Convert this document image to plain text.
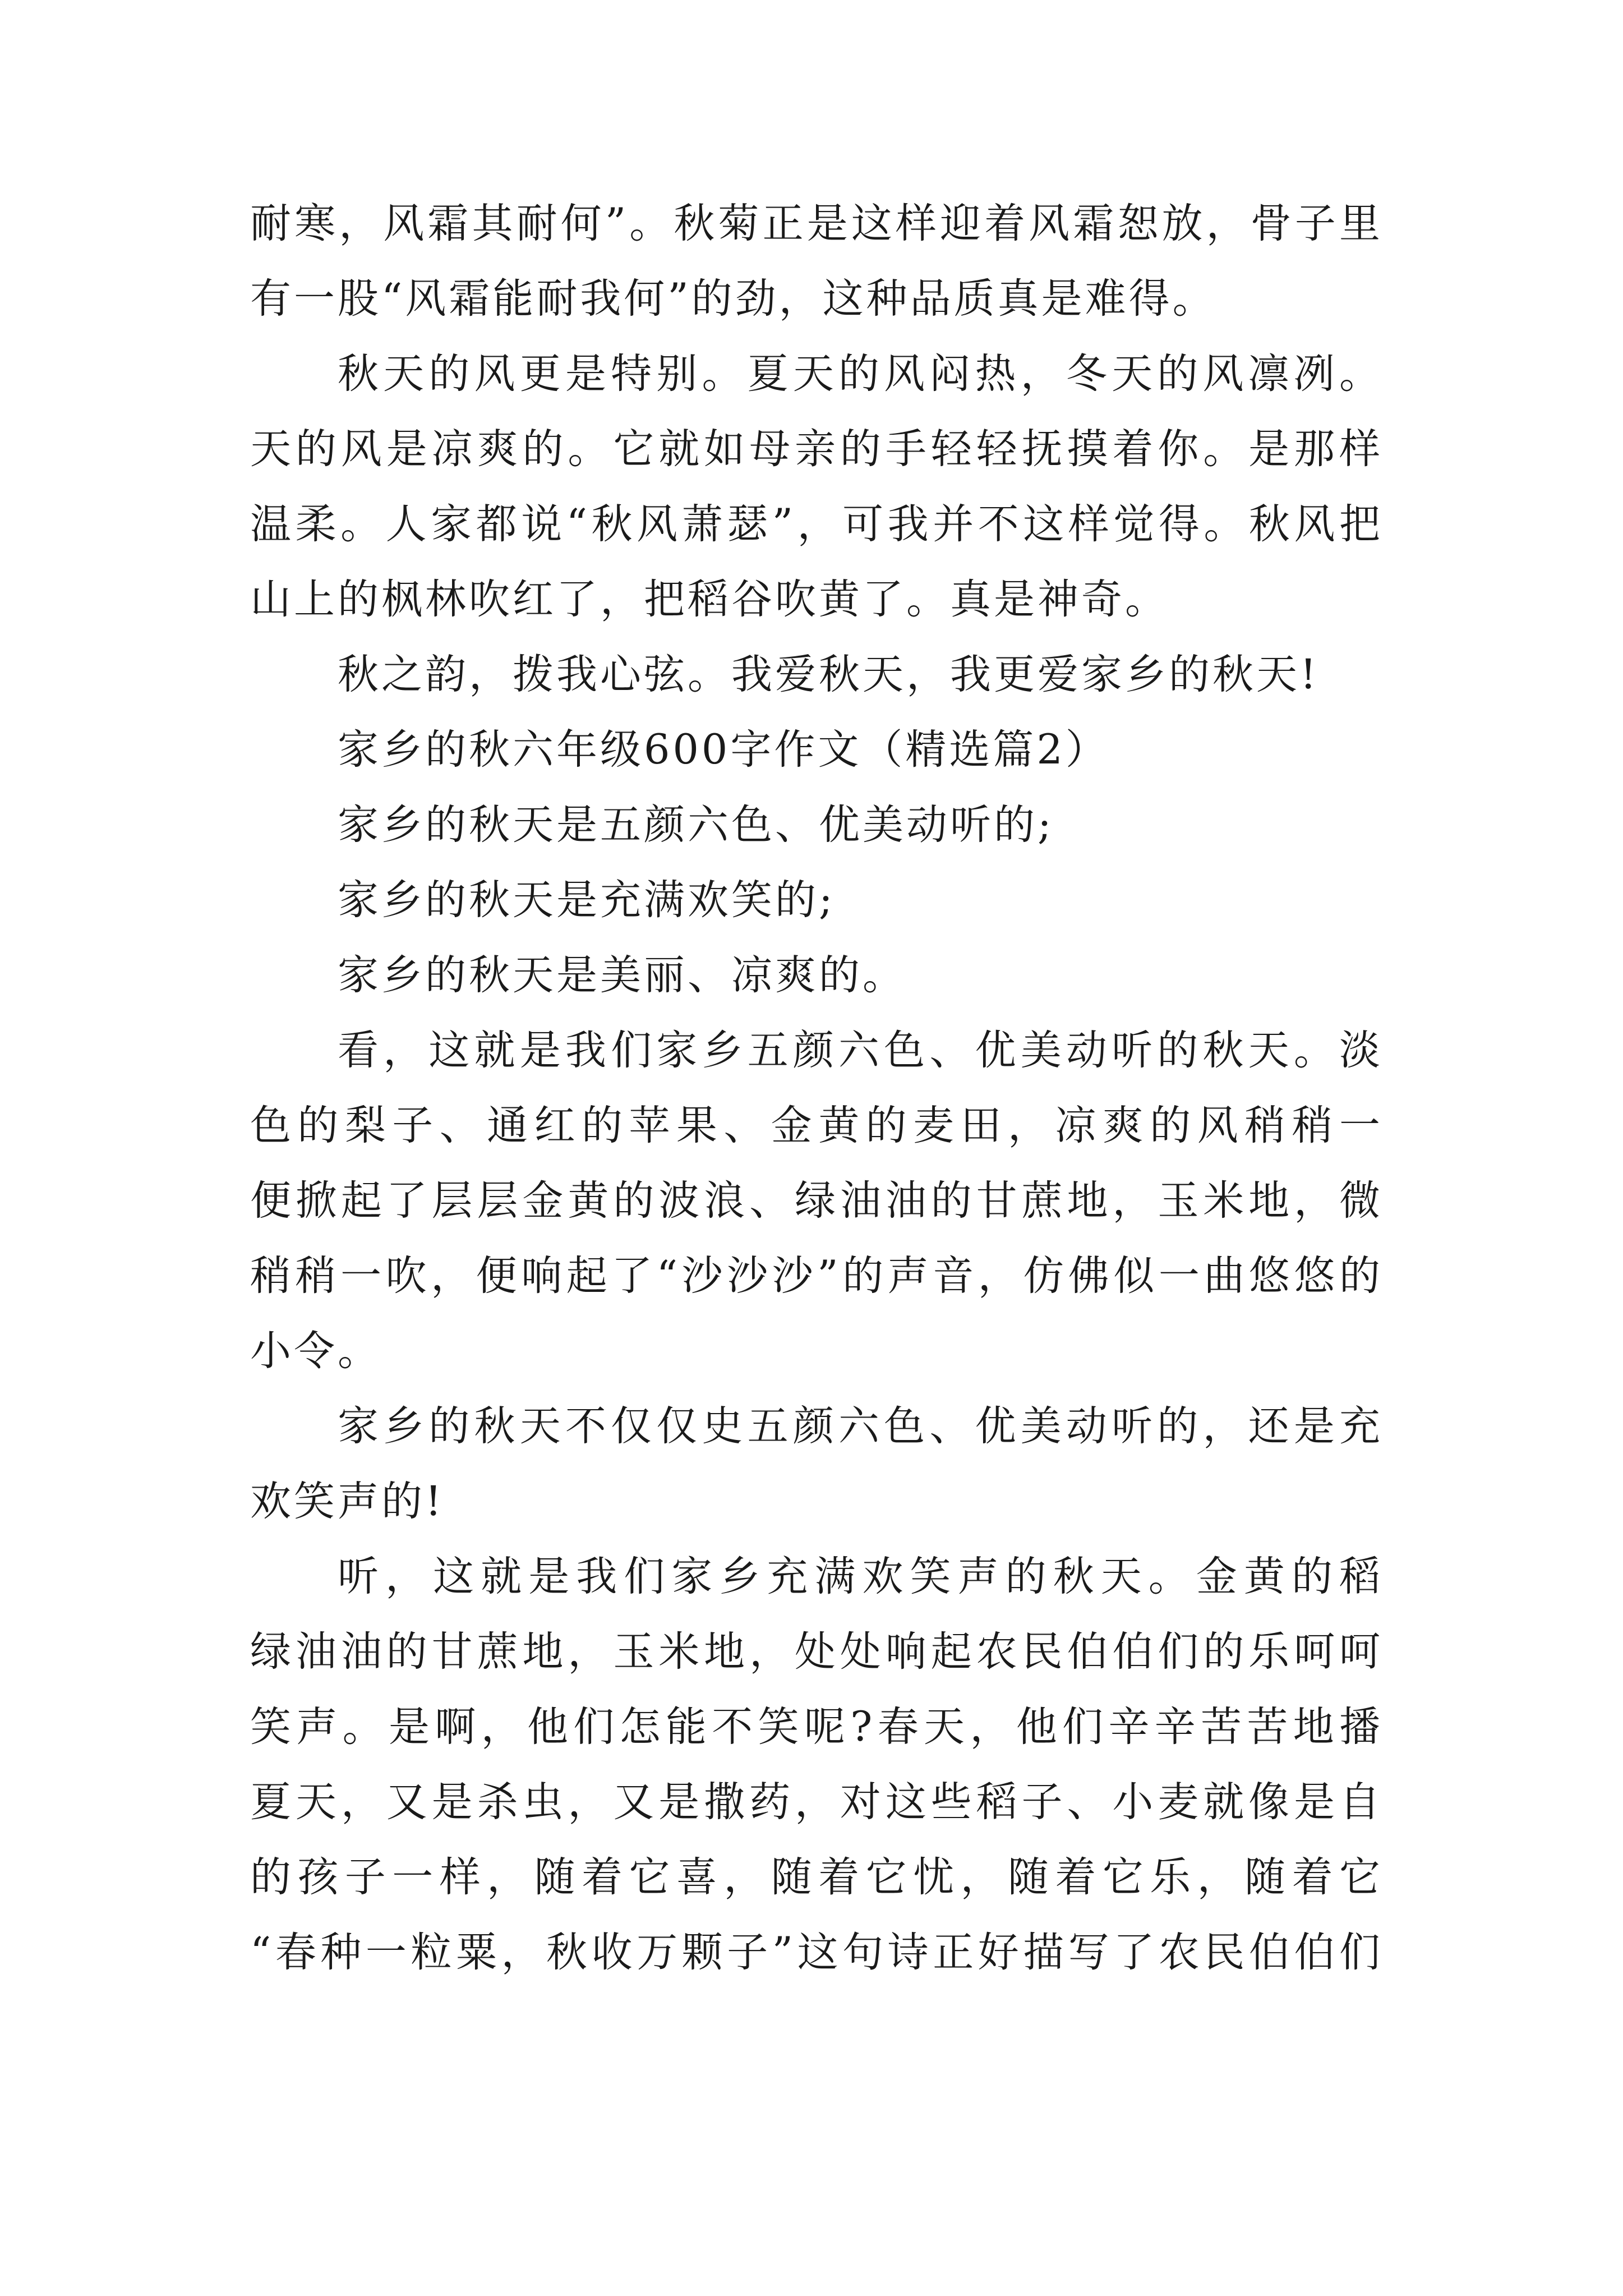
耐寒，风霜其耐何”。秋菊正是这样迎着风霜恕放，骨子里
有一股“风霜能耐我何”的劲，这种品质真是难得。
秋天的风更是特别。夏天的风闷热，冬天的风凛冽。
天的风是凉爽的。它就如母亲的手轻轻抚摸着你。是那样
温柔。人家都说“秋风萧瑟”，可我并不这样觉得。秋风把
山上的枫林吹红了，把稻谷吹黄了。真是神奇。
秋之韵，拨我心弦。我爱秋天，我更爱家乡的秋天!
家乡的秋六年级600字作文（精选篇2）
家乡的秋天是五颜六色、优美动听的;
家乡的秋天是充满欢笑的;
家乡的秋天是美丽、凉爽的。
看，这就是我们家乡五颜六色、优美动听的秋天。淡
色的梨子、通红的苹果、金黄的麦田，凉爽的风稍稍一
便掀起了层层金黄的波浪、绿油油的甘蔗地，玉米地，微
稍稍一吹，便响起了“沙沙沙”的声音，仿佛似一曲悠悠的
小令。
家乡的秋天不仅仅史五颜六色、优美动听的，还是充
欢笑声的!
听，这就是我们家乡充满欢笑声的秋天。金黄的稻
绿油油的甘蔗地，玉米地，处处响起农民伯伯们的乐呵呵
笑声。是啊，他们怎能不笑呢?春天，他们辛辛苦苦地播
夏天，又是杀虫，又是撒药，对这些稻子、小麦就像是自
的孩子一样，随着它喜，随着它忧，随着它乐，随着它
“春种一粒粟，秋收万颗子”这句诗正好描写了农民伯伯们
